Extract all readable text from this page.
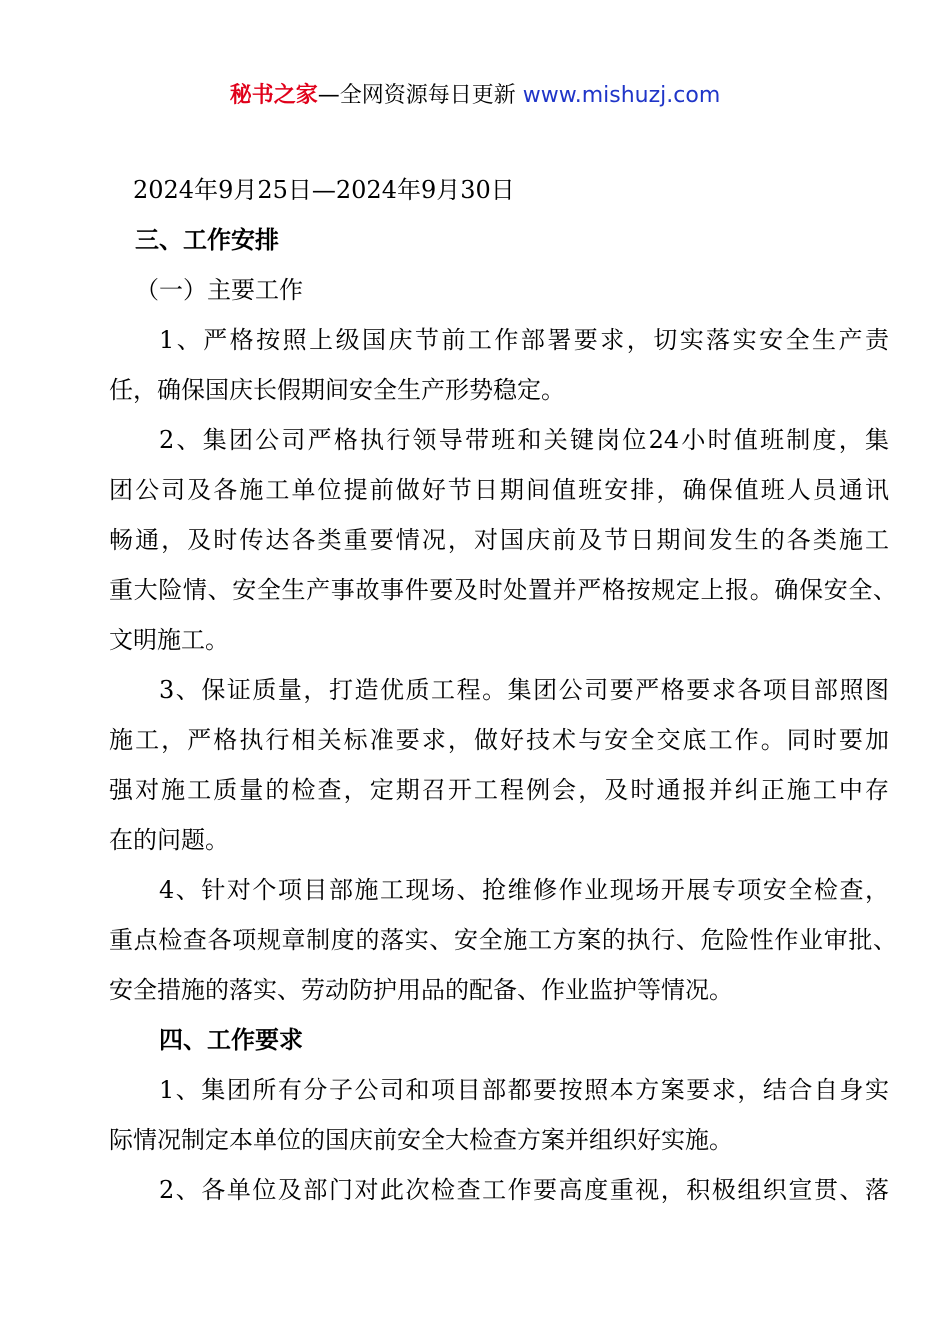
秘书之家—全网资源每日更新 www.mishuzj.com
2024年9月25日—2024年9月30日
三、工作安排
（一）主要工作
1、严格按照上级国庆节前工作部署要求，切实落实安全生产责
任，确保国庆长假期间安全生产形势稳定。
2、集团公司严格执行领导带班和关键岗位24小时值班制度，集
团公司及各施工单位提前做好节日期间值班安排，确保值班人员通讯
畅通，及时传达各类重要情况，对国庆前及节日期间发生的各类施工
重大险情、安全生产事故事件要及时处置并严格按规定上报。确保安全、
文明施工。
3、保证质量，打造优质工程。集团公司要严格要求各项目部照图
施工，严格执行相关标准要求，做好技术与安全交底工作。同时要加
强对施工质量的检查，定期召开工程例会，及时通报并纠正施工中存
在的问题。
4、针对个项目部施工现场、抢维修作业现场开展专项安全检查，
重点检查各项规章制度的落实、安全施工方案的执行、危险性作业审批、
安全措施的落实、劳动防护用品的配备、作业监护等情况。
四、工作要求
1、集团所有分子公司和项目部都要按照本方案要求，结合自身实
际情况制定本单位的国庆前安全大检查方案并组织好实施。
2、各单位及部门对此次检查工作要高度重视，积极组织宣贯、落
